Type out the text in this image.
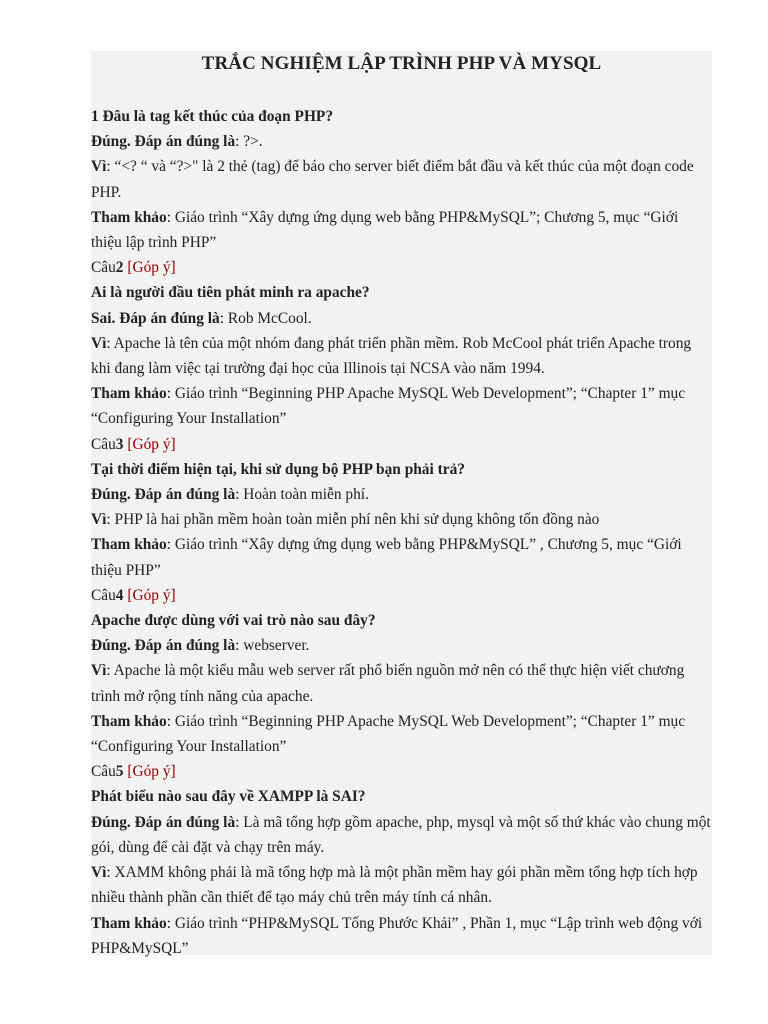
TRẮC NGHIỆM LẬP TRÌNH PHP VÀ MYSQL

1 Đâu là tag kết thúc của đoạn PHP?

Đúng. Đáp án đúng là: ?>.

Vì: “<? “ và “?>" là 2 thẻ (tag) để báo cho server biết điểm bắt đầu và kết thúc của một đoạn code PHP.

Tham khảo: Giáo trình “Xây dựng ứng dụng web bằng PHP&MySQL”; Chương 5, mục “Giới thiệu lập trình PHP”

Câu2 [Góp ý]

Ai là người đầu tiên phát minh ra apache?

Sai. Đáp án đúng là: Rob McCool.

Vì: Apache là tên của một nhóm đang phát triển phần mềm. Rob McCool phát triển Apache trong khi đang làm việc tại trường đại học của Illinois tại NCSA vào năm 1994.

Tham khảo: Giáo trình “Beginning PHP Apache MySQL Web Development”; “Chapter 1” mục “Configuring Your Installation”

Câu3 [Góp ý]

Tại thời điểm hiện tại, khi sử dụng bộ PHP bạn phải trả?

Đúng. Đáp án đúng là: Hoàn toàn miễn phí.

Vì: PHP là hai phần mềm hoàn toàn miễn phí nên khi sử dụng không tốn đồng nào

Tham khảo: Giáo trình “Xây dựng ứng dụng web bằng PHP&MySQL” , Chương 5, mục “Giới thiệu PHP”

Câu4 [Góp ý]

Apache được dùng với vai trò nào sau đây?

Đúng. Đáp án đúng là: webserver.

Vì: Apache là một kiểu mẫu web server rất phổ biến nguồn mở nên có thể thực hiện viết chương trình mở rộng tính năng của apache.

Tham khảo: Giáo trình “Beginning PHP Apache MySQL Web Development”; “Chapter 1” mục “Configuring Your Installation”

Câu5 [Góp ý]

Phát biểu nào sau đây về XAMPP là SAI?

Đúng. Đáp án đúng là: Là mã tổng hợp gồm apache, php, mysql và một số thứ khác vào chung một gói, dùng để cài đặt và chạy trên máy.

Vì: XAMM không phải là mã tổng hợp mà là một phần mềm hay gói phần mềm tổng hợp tích hợp nhiều thành phần cần thiết để tạo máy chủ trên máy tính cá nhân.

Tham khảo: Giáo trình “PHP&MySQL Tống Phước Khải” , Phần 1, mục “Lập trình web động với PHP&MySQL”
